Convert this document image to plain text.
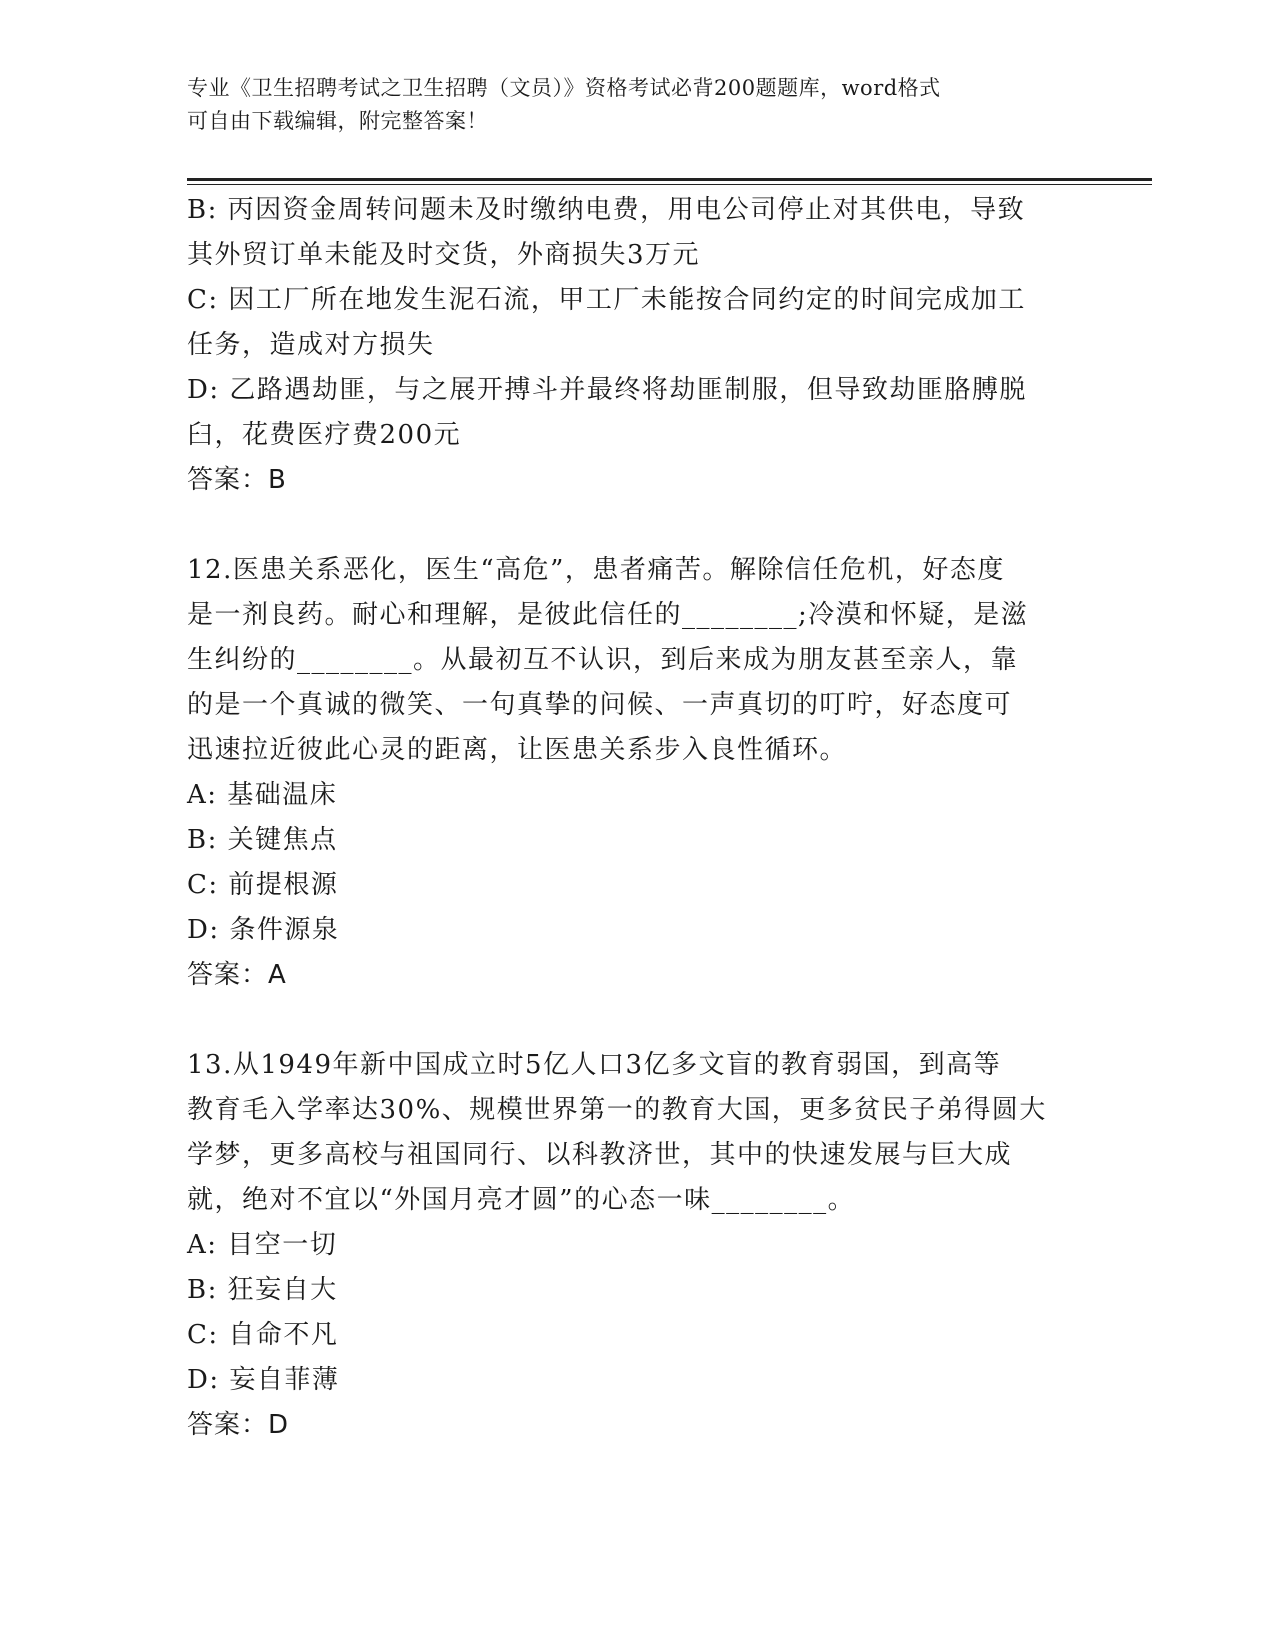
专业《卫生招聘考试之卫生招聘（文员）》资格考试必背200题题库，word格式
可自由下载编辑，附完整答案！
B: 丙因资金周转问题未及时缴纳电费，用电公司停止对其供电，导致
其外贸订单未能及时交货，外商损失3万元
C: 因工厂所在地发生泥石流，甲工厂未能按合同约定的时间完成加工
任务，造成对方损失
D: 乙路遇劫匪，与之展开搏斗并最终将劫匪制服，但导致劫匪胳膊脱
臼，花费医疗费200元
答案：B
12.医患关系恶化，医生“高危”，患者痛苦。解除信任危机，好态度
是一剂良药。耐心和理解，是彼此信任的________;冷漠和怀疑，是滋
生纠纷的________。从最初互不认识，到后来成为朋友甚至亲人，靠
的是一个真诚的微笑、一句真挚的问候、一声真切的叮咛，好态度可
迅速拉近彼此心灵的距离，让医患关系步入良性循环。
A: 基础温床
B: 关键焦点
C: 前提根源
D: 条件源泉
答案：A
13.从1949年新中国成立时5亿人口3亿多文盲的教育弱国，到高等
教育毛入学率达30%、规模世界第一的教育大国，更多贫民子弟得圆大
学梦，更多高校与祖国同行、以科教济世，其中的快速发展与巨大成
就，绝对不宜以“外国月亮才圆”的心态一味________。
A: 目空一切
B: 狂妄自大
C: 自命不凡
D: 妄自菲薄
答案：D
